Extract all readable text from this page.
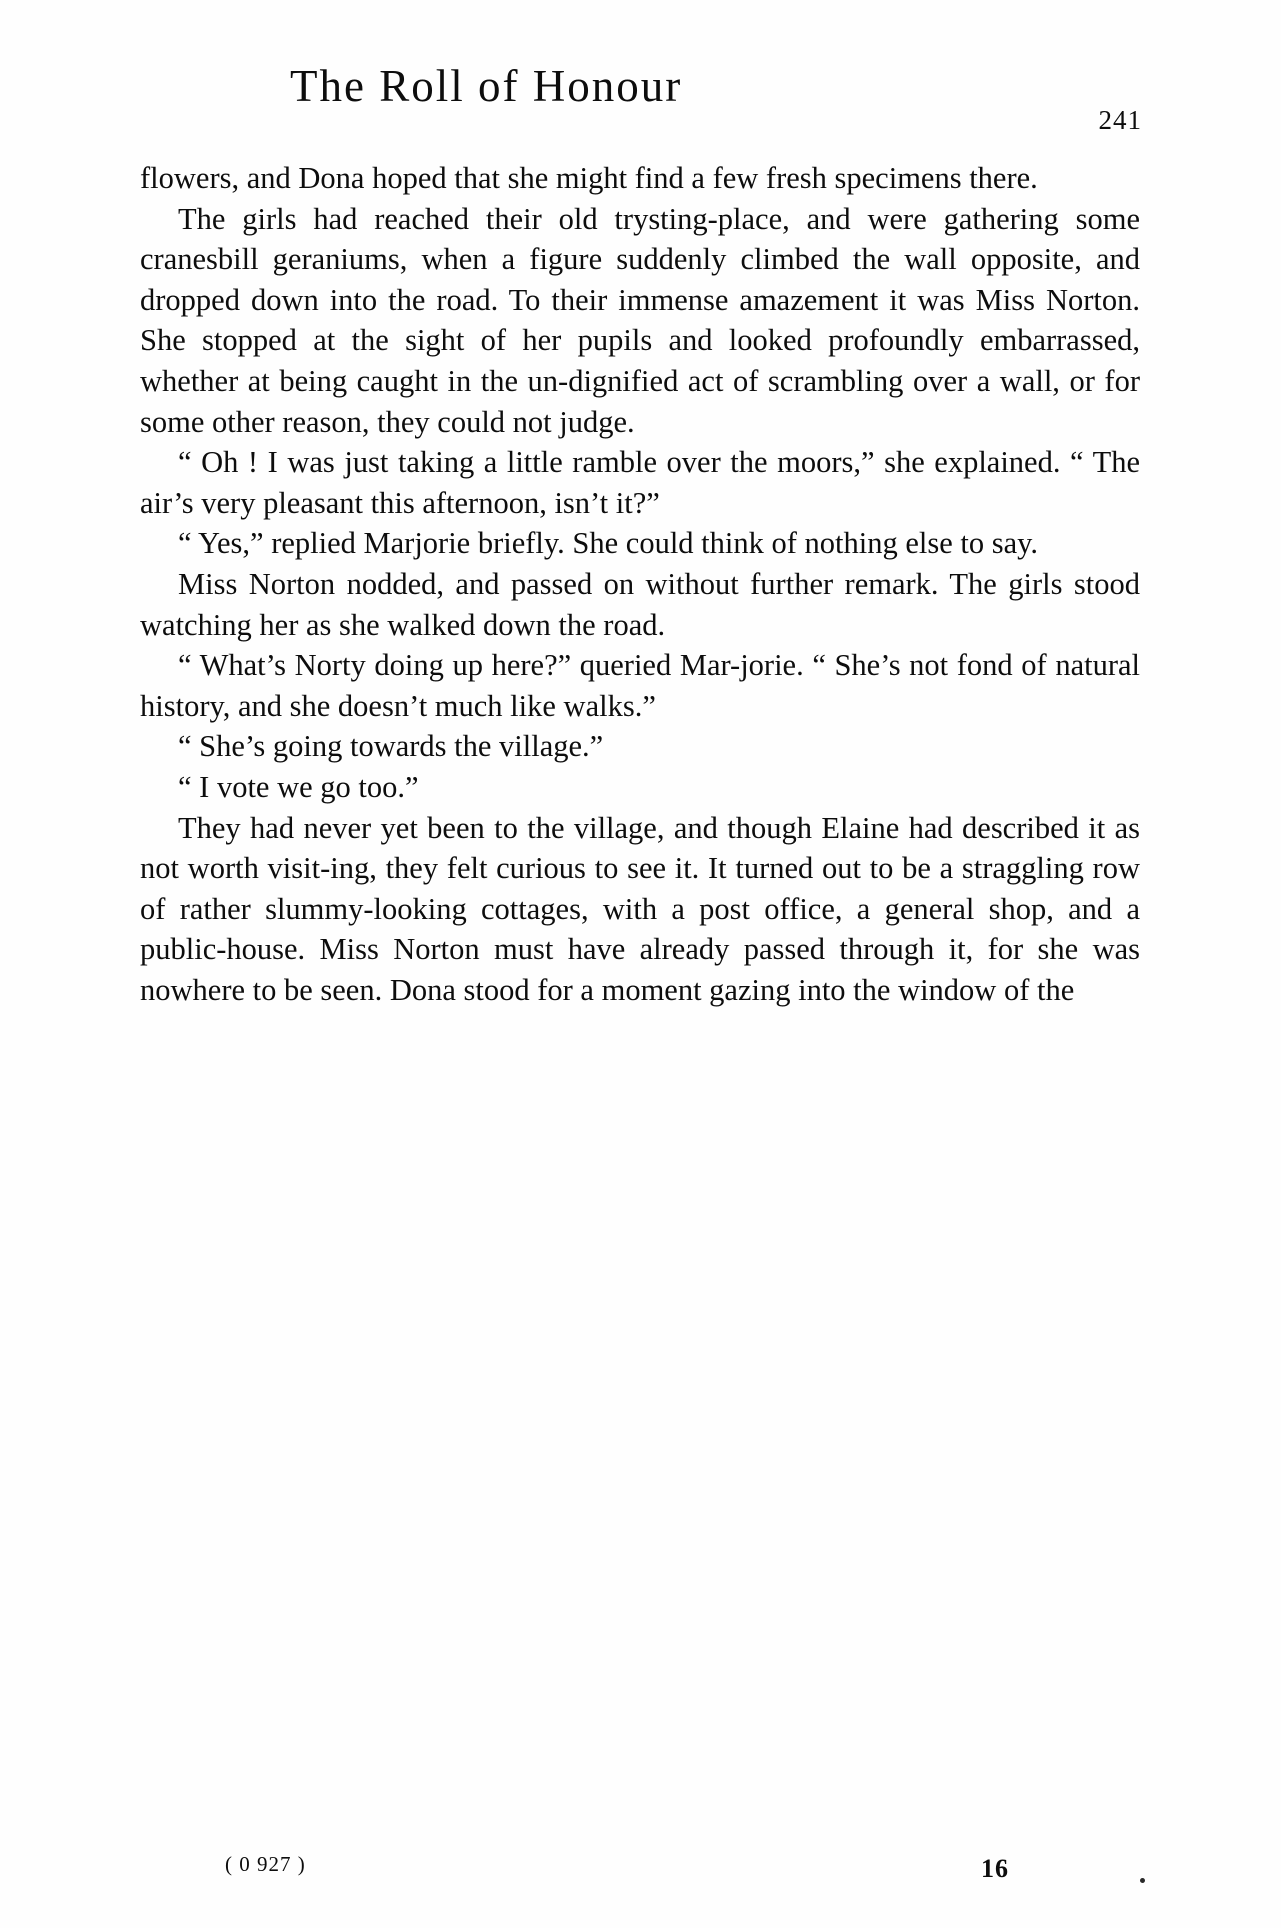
The Roll of Honour
241

flowers, and Dona hoped that she might find a few fresh specimens there.

The girls had reached their old trysting-place, and were gathering some cranesbill geraniums, when a figure suddenly climbed the wall opposite, and dropped down into the road. To their immense amazement it was Miss Norton. She stopped at the sight of her pupils and looked profoundly embarrassed, whether at being caught in the un-dignified act of scrambling over a wall, or for some other reason, they could not judge.

“ Oh ! I was just taking a little ramble over the moors,” she explained. “ The air’s very pleasant this afternoon, isn’t it?”

“ Yes,” replied Marjorie briefly. She could think of nothing else to say.

Miss Norton nodded, and passed on without further remark. The girls stood watching her as she walked down the road.

“ What’s Norty doing up here?” queried Mar-jorie. “ She’s not fond of natural history, and she doesn’t much like walks.”

“ She’s going towards the village.”

“ I vote we go too.”

They had never yet been to the village, and though Elaine had described it as not worth visit-ing, they felt curious to see it. It turned out to be a straggling row of rather slummy-looking cottages, with a post office, a general shop, and a public-house. Miss Norton must have already passed through it, for she was nowhere to be seen. Dona stood for a moment gazing into the window of the

( 0 927 )	16
